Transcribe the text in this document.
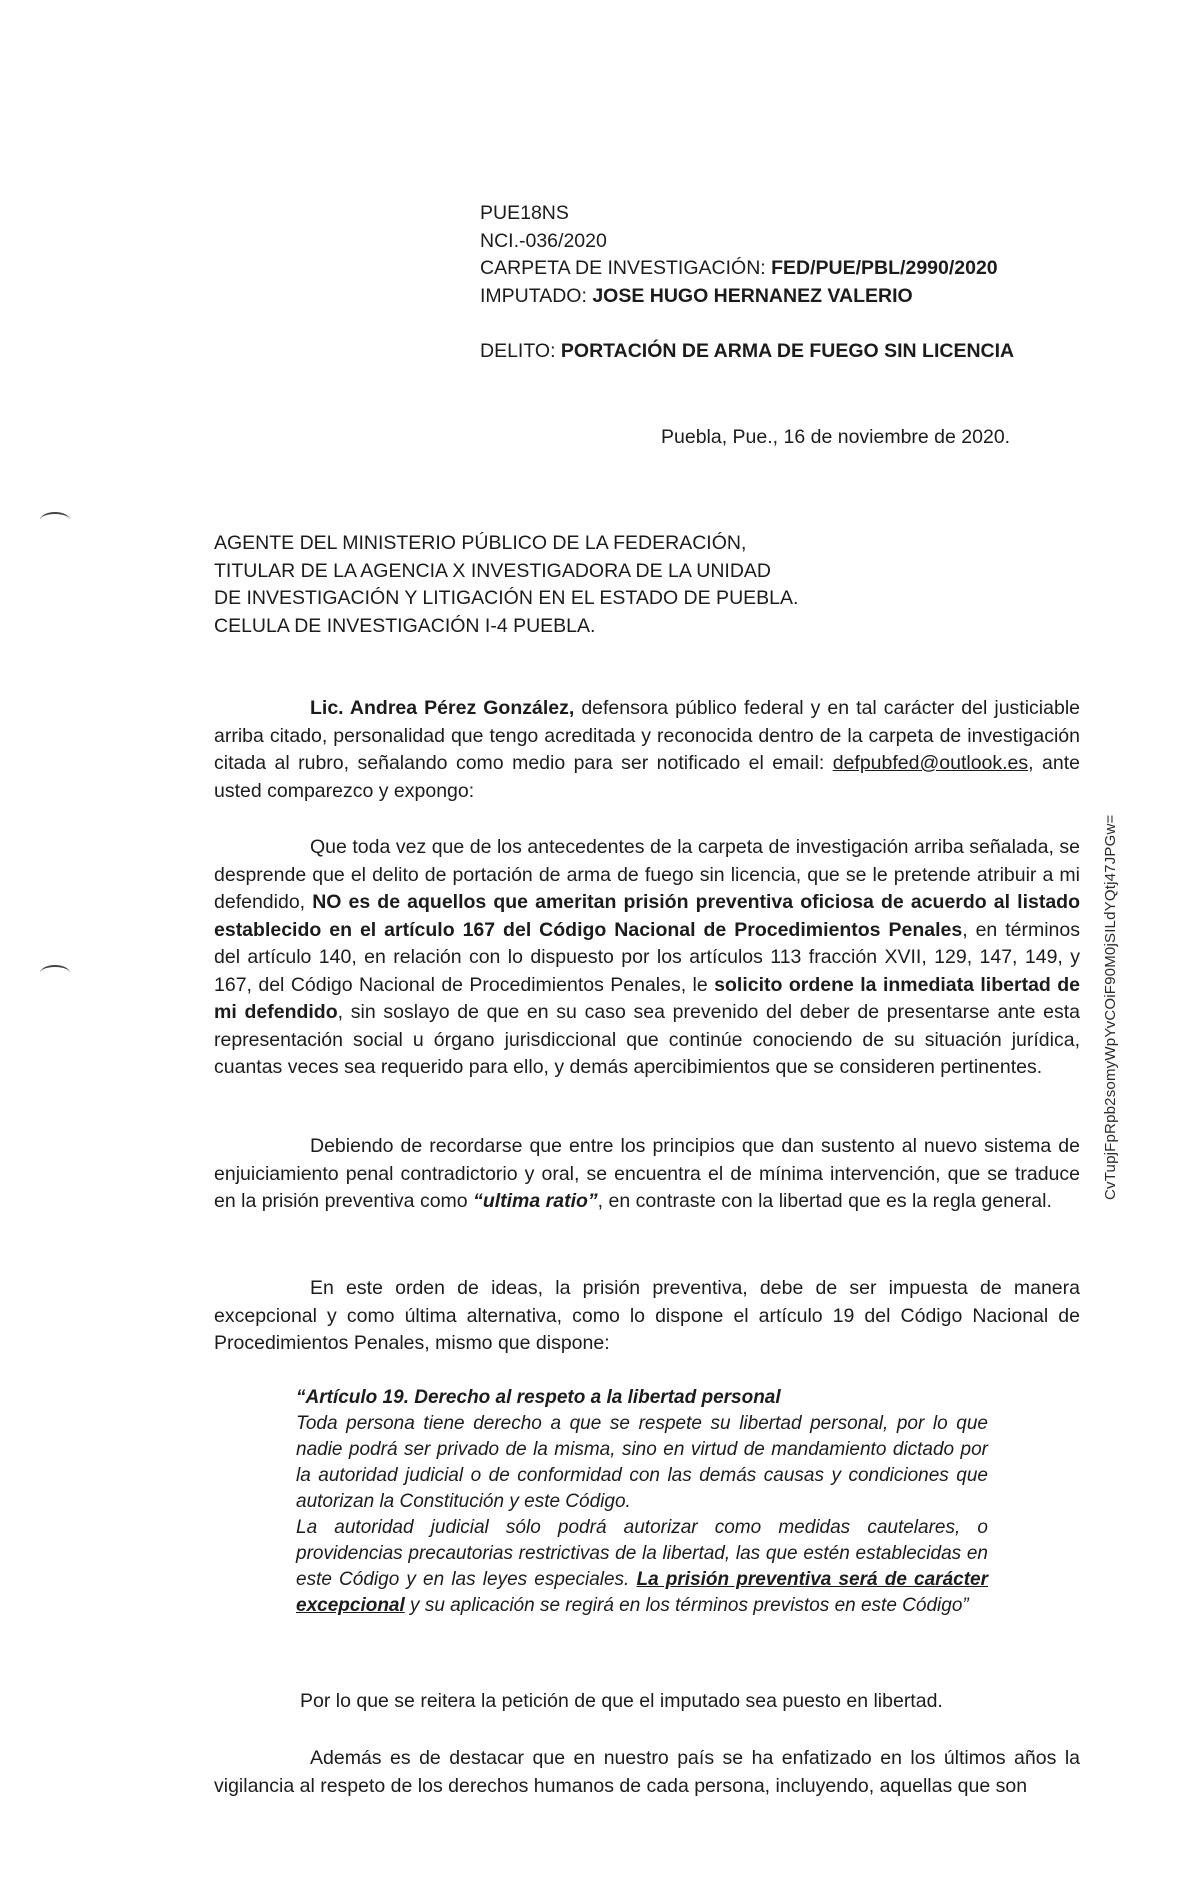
PUE18NS
NCI.-036/2020
CARPETA DE INVESTIGACIÓN: FED/PUE/PBL/2990/2020
IMPUTADO: JOSE HUGO HERNANEZ VALERIO
DELITO: PORTACIÓN DE ARMA DE FUEGO SIN LICENCIA
Puebla, Pue., 16 de noviembre de 2020.
AGENTE DEL MINISTERIO PÚBLICO DE LA FEDERACIÓN,
TITULAR DE LA AGENCIA X INVESTIGADORA DE LA UNIDAD
DE INVESTIGACIÓN Y LITIGACIÓN EN EL ESTADO DE PUEBLA.
CELULA DE INVESTIGACIÓN I-4 PUEBLA.
Lic. Andrea Pérez González, defensora público federal y en tal carácter del justiciable arriba citado, personalidad que tengo acreditada y reconocida dentro de la carpeta de investigación citada al rubro, señalando como medio para ser notificado el email: defpubfed@outlook.es, ante usted comparezco y expongo:
Que toda vez que de los antecedentes de la carpeta de investigación arriba señalada, se desprende que el delito de portación de arma de fuego sin licencia, que se le pretende atribuir a mi defendido, NO es de aquellos que ameritan prisión preventiva oficiosa de acuerdo al listado establecido en el artículo 167 del Código Nacional de Procedimientos Penales, en términos del artículo 140, en relación con lo dispuesto por los artículos 113 fracción XVII, 129, 147, 149, y 167, del Código Nacional de Procedimientos Penales, le solicito ordene la inmediata libertad de mi defendido, sin soslayo de que en su caso sea prevenido del deber de presentarse ante esta representación social u órgano jurisdiccional que continúe conociendo de su situación jurídica, cuantas veces sea requerido para ello, y demás apercibimientos que se consideren pertinentes.
Debiendo de recordarse que entre los principios que dan sustento al nuevo sistema de enjuiciamiento penal contradictorio y oral, se encuentra el de mínima intervención, que se traduce en la prisión preventiva como “ultima ratio”, en contraste con la libertad que es la regla general.
En este orden de ideas, la prisión preventiva, debe de ser impuesta de manera excepcional y como última alternativa, como lo dispone el artículo 19 del Código Nacional de Procedimientos Penales, mismo que dispone:
“Artículo 19. Derecho al respeto a la libertad personal
Toda persona tiene derecho a que se respete su libertad personal, por lo que nadie podrá ser privado de la misma, sino en virtud de mandamiento dictado por la autoridad judicial o de conformidad con las demás causas y condiciones que autorizan la Constitución y este Código.
La autoridad judicial sólo podrá autorizar como medidas cautelares, o providencias precautorias restrictivas de la libertad, las que estén establecidas en este Código y en las leyes especiales. La prisión preventiva será de carácter excepcional y su aplicación se regirá en los términos previstos en este Código”
Por lo que se reitera la petición de que el imputado sea puesto en libertad.
Además es de destacar que en nuestro país se ha enfatizado en los últimos años la vigilancia al respeto de los derechos humanos de cada persona, incluyendo, aquellas que son
CvTupjFpRpb2somyWpYvCOiF90M0jSILdYQtj47JPGw=
